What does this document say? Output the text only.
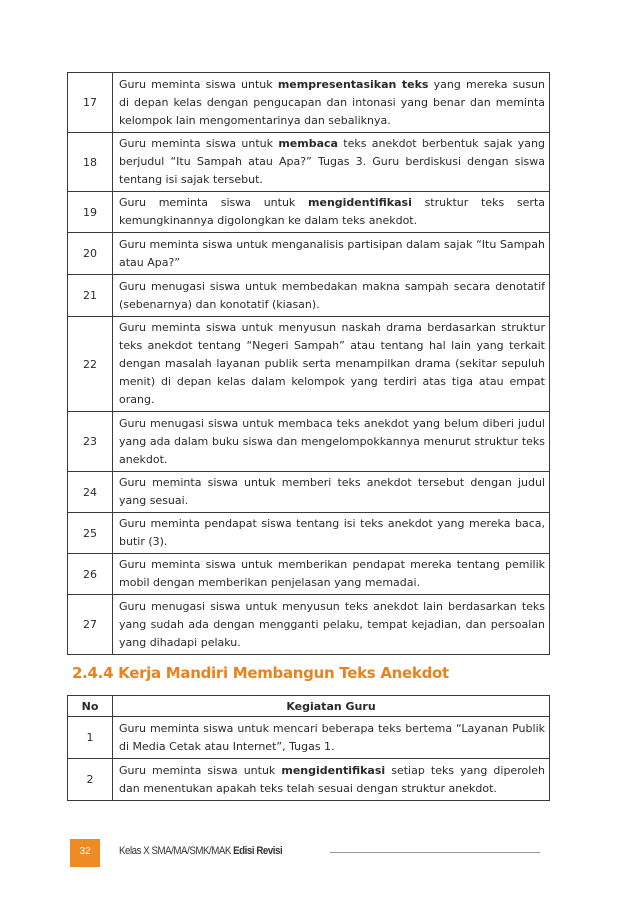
17	Guru meminta siswa untuk mempresentasikan teks yang mereka susun di depan kelas dengan pengucapan dan intonasi yang benar dan meminta kelompok lain mengomentarinya dan sebaliknya.
18	Guru meminta siswa untuk membaca teks anekdot berbentuk sajak yang berjudul “Itu Sampah atau Apa?” Tugas 3. Guru berdiskusi dengan siswa tentang isi sajak tersebut.
19	Guru meminta siswa untuk mengidentifikasi struktur teks serta kemungkinannya digolongkan ke dalam teks anekdot.
20	Guru meminta siswa untuk menganalisis partisipan dalam sajak “Itu Sampah atau Apa?”
21	Guru menugasi siswa untuk membedakan makna sampah secara denotatif (sebenarnya) dan konotatif (kiasan).
22	Guru meminta siswa untuk menyusun naskah drama berdasarkan struktur teks anekdot tentang “Negeri Sampah” atau tentang hal lain yang terkait dengan masalah layanan publik serta menampilkan drama (sekitar sepuluh menit) di depan kelas dalam kelompok yang terdiri atas tiga atau empat orang.
23	Guru menugasi siswa untuk membaca teks anekdot yang belum diberi judul yang ada dalam buku siswa dan mengelompokkannya menurut struktur teks anekdot.
24	Guru meminta siswa untuk memberi teks anekdot tersebut dengan judul yang sesuai.
25	Guru meminta pendapat siswa tentang isi teks anekdot yang mereka baca, butir (3).
26	Guru meminta siswa untuk memberikan pendapat mereka tentang pemilik mobil dengan memberikan penjelasan yang memadai.
27	Guru menugasi siswa untuk menyusun teks anekdot lain berdasarkan teks yang sudah ada dengan mengganti pelaku, tempat kejadian, dan persoalan yang dihadapi pelaku.
2.4.4 Kerja Mandiri Membangun Teks Anekdot
No	Kegiatan Guru
1	Guru meminta siswa untuk mencari beberapa teks bertema “Layanan Publik di Media Cetak atau Internet”, Tugas 1.
2	Guru meminta siswa untuk mengidentifikasi setiap teks yang diperoleh dan menentukan apakah teks telah sesuai dengan struktur anekdot.
32	Kelas X SMA/MA/SMK/MAK Edisi Revisi
